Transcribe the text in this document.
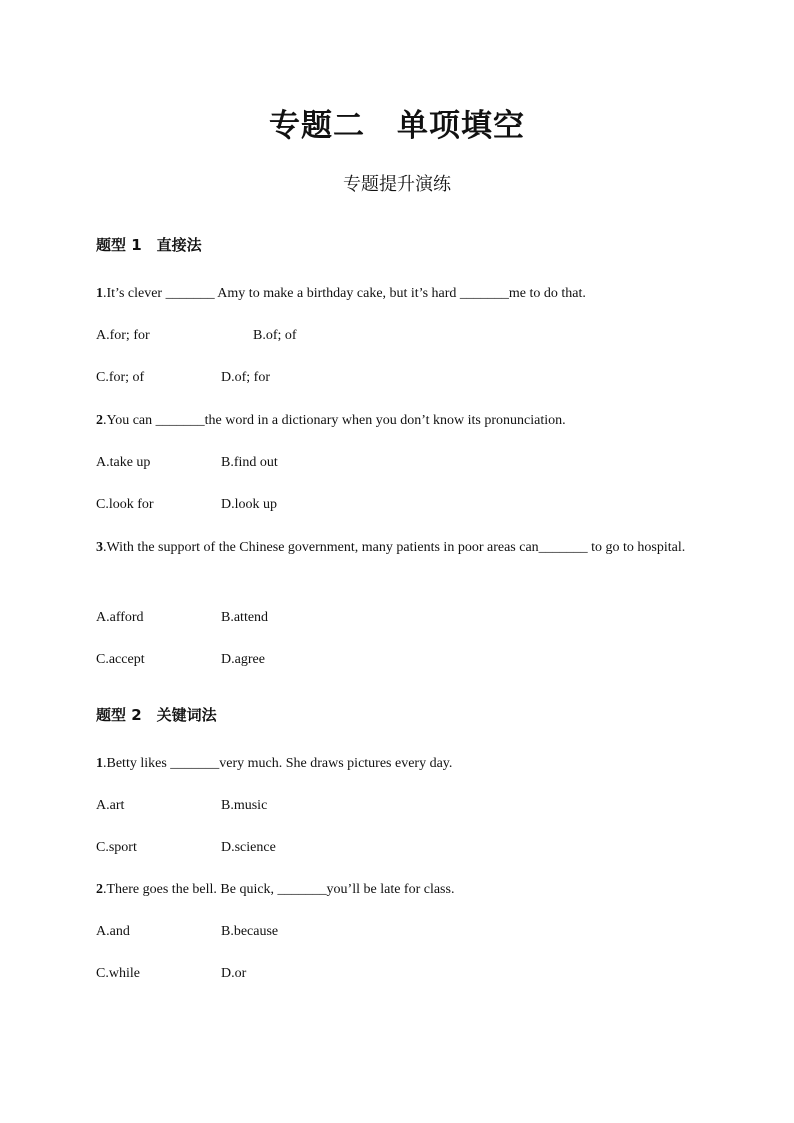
专题二　单项填空
专题提升演练
题型 1　直接法
1.It’s clever _______ Amy to make a birthday cake, but it’s hard _______me to do that.
A.for; for	B.of; of
C.for; of	D.of; for
2.You can _______the word in a dictionary when you don’t know its pronunciation.
A.take up	B.find out
C.look for	D.look up
3.With the support of the Chinese government, many patients in poor areas can_______ to go to hospital.
A.afford	B.attend
C.accept	D.agree
题型 2　关键词法
1.Betty likes _______very much. She draws pictures every day.
A.art	B.music
C.sport	D.science
2.There goes the bell. Be quick, _______you’ll be late for class.
A.and	B.because
C.while	D.or
